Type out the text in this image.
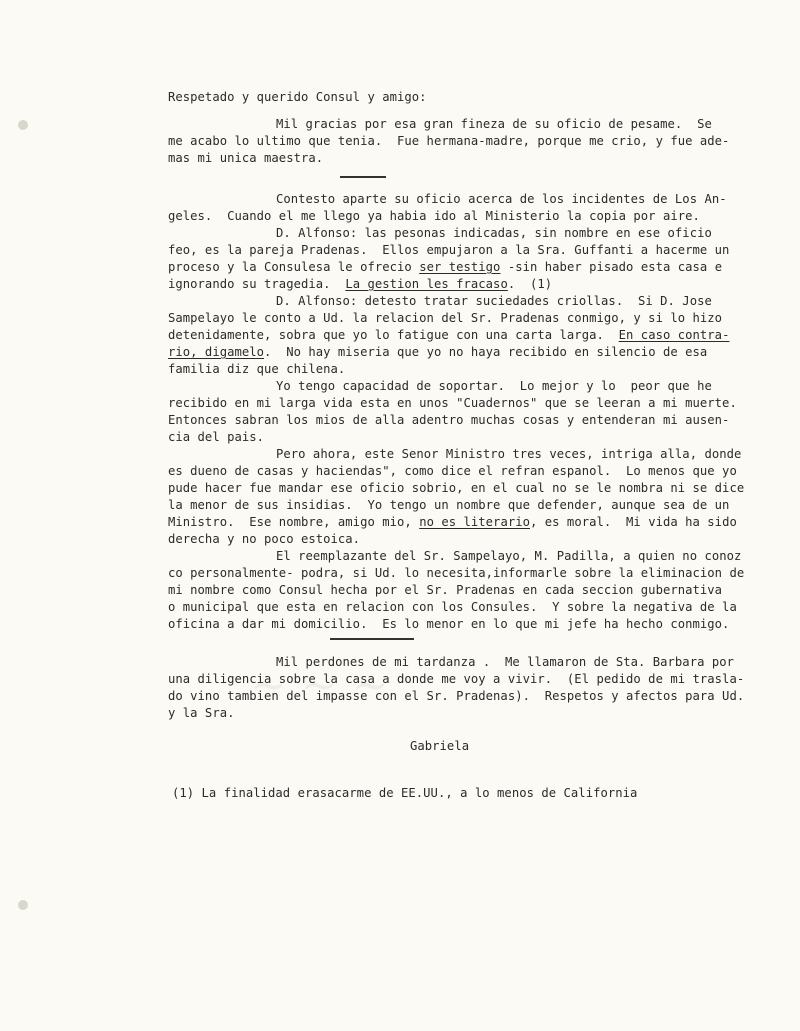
Respetado y querido Consul y amigo:
Mil gracias por esa gran fineza de su oficio de pesame.  Se
me acabo lo ultimo que tenia.  Fue hermana-madre, porque me crio, y fue ade-
mas mi unica maestra.
Contesto aparte su oficio acerca de los incidentes de Los An-
geles.  Cuando el me llego ya habia ido al Ministerio la copia por aire.
D. Alfonso: las pesonas indicadas, sin nombre en ese oficio
feo, es la pareja Pradenas.  Ellos empujaron a la Sra. Guffanti a hacerme un
proceso y la Consulesa le ofrecio ser testigo -sin haber pisado esta casa e
ignorando su tragedia.  La gestion les fracaso.  (1)
D. Alfonso: detesto tratar suciedades criollas.  Si D. Jose
Sampelayo le conto a Ud. la relacion del Sr. Pradenas conmigo, y si lo hizo
detenidamente, sobra que yo lo fatigue con una carta larga.  En caso contra-
rio, digamelo.  No hay miseria que yo no haya recibido en silencio de esa
familia diz que chilena.
Yo tengo capacidad de soportar.  Lo mejor y lo  peor que he
recibido en mi larga vida esta en unos "Cuadernos" que se leeran a mi muerte.
Entonces sabran los mios de alla adentro muchas cosas y entenderan mi ausen-
cia del pais.
Pero ahora, este Senor Ministro tres veces, intriga alla, donde
es dueno de casas y haciendas", como dice el refran espanol.  Lo menos que yo
pude hacer fue mandar ese oficio sobrio, en el cual no se le nombra ni se dice
la menor de sus insidias.  Yo tengo un nombre que defender, aunque sea de un
Ministro.  Ese nombre, amigo mio, no es literario, es moral.  Mi vida ha sido
derecha y no poco estoica.
El reemplazante del Sr. Sampelayo, M. Padilla, a quien no conoz
co personalmente- podra, si Ud. lo necesita,informarle sobre la eliminacion de
mi nombre como Consul hecha por el Sr. Pradenas en cada seccion gubernativa
o municipal que esta en relacion con los Consules.  Y sobre la negativa de la
oficina a dar mi domicilio.  Es lo menor en lo que mi jefe ha hecho conmigo.
Mil perdones de mi tardanza .  Me llamaron de Sta. Barbara por
una diligencia sobre la casa a donde me voy a vivir.  (El pedido de mi trasla-
do vino tambien del impasse con el Sr. Pradenas).  Respetos y afectos para Ud.
y la Sra.
~ ~ ~
Gabriela
(1) La finalidad erasacarme de EE.UU., a lo menos de California
